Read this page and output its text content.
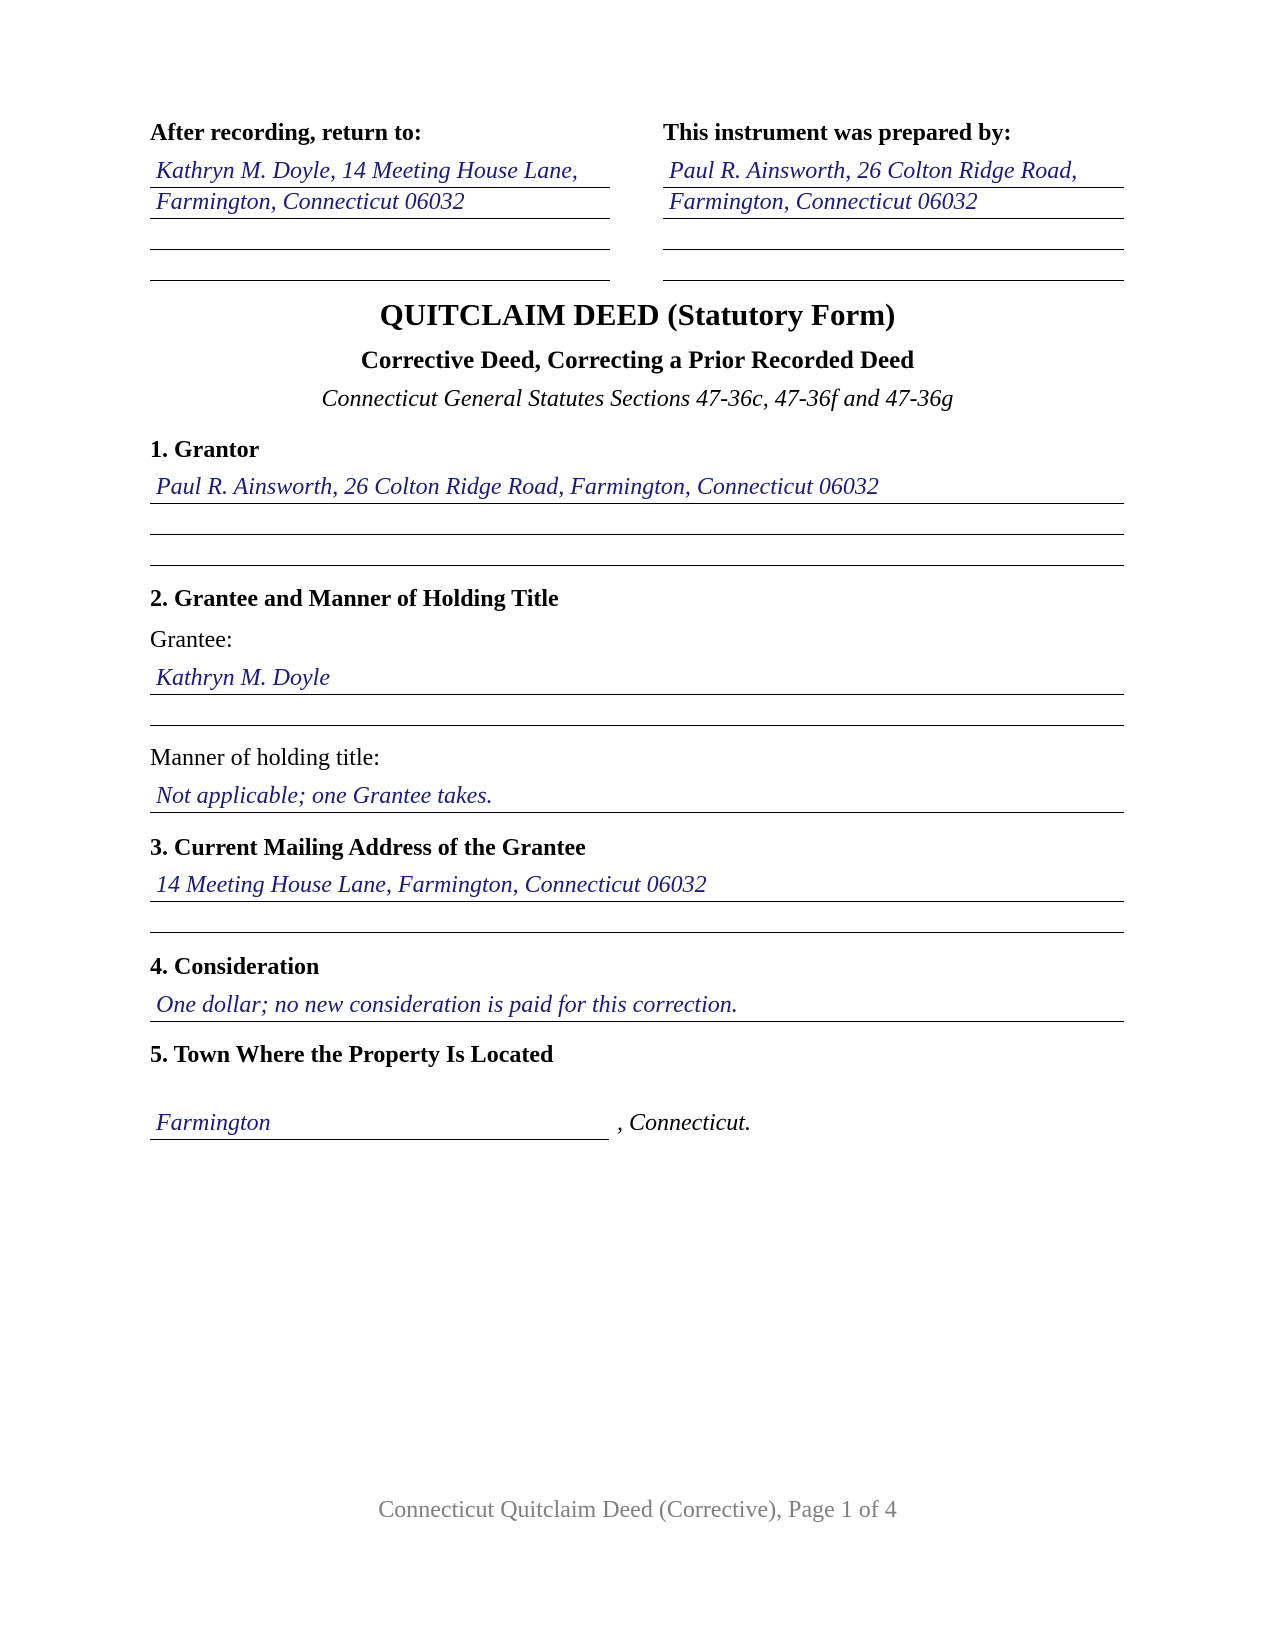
After recording, return to:
Kathryn M. Doyle, 14 Meeting House Lane,
Farmington, Connecticut 06032
This instrument was prepared by:
Paul R. Ainsworth, 26 Colton Ridge Road,
Farmington, Connecticut 06032
QUITCLAIM DEED (Statutory Form)
Corrective Deed, Correcting a Prior Recorded Deed
Connecticut General Statutes Sections 47-36c, 47-36f and 47-36g
1. Grantor
Paul R. Ainsworth, 26 Colton Ridge Road, Farmington, Connecticut 06032
2. Grantee and Manner of Holding Title
Grantee:
Kathryn M. Doyle
Manner of holding title:
Not applicable; one Grantee takes.
3. Current Mailing Address of the Grantee
14 Meeting House Lane, Farmington, Connecticut 06032
4. Consideration
One dollar; no new consideration is paid for this correction.
5. Town Where the Property Is Located
Farmington	, Connecticut.
Connecticut Quitclaim Deed (Corrective), Page 1 of 4
